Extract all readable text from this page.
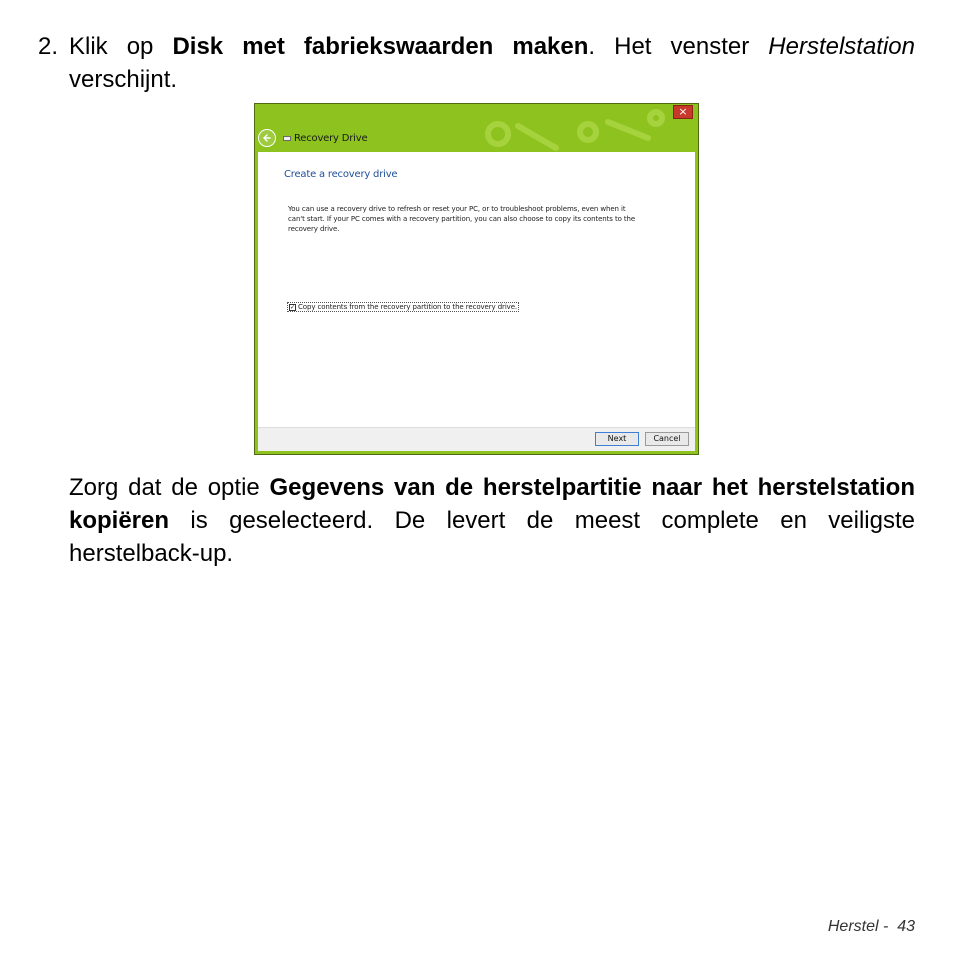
2. Klik op Disk met fabriekswaarden maken. Het venster Herstelstation verschijnt.
×
Recovery Drive
Create a recovery drive
You can use a recovery drive to refresh or reset your PC, or to troubleshoot problems, even when it can't start. If your PC comes with a recovery partition, you can also choose to copy its contents to the recovery drive.
✓ Copy contents from the recovery partition to the recovery drive.
Next	Cancel
Zorg dat de optie Gegevens van de herstelpartitie naar het herstelstation kopiëren is geselecteerd. De levert de meest complete en veiligste herstelback-up.
Herstel - 43
